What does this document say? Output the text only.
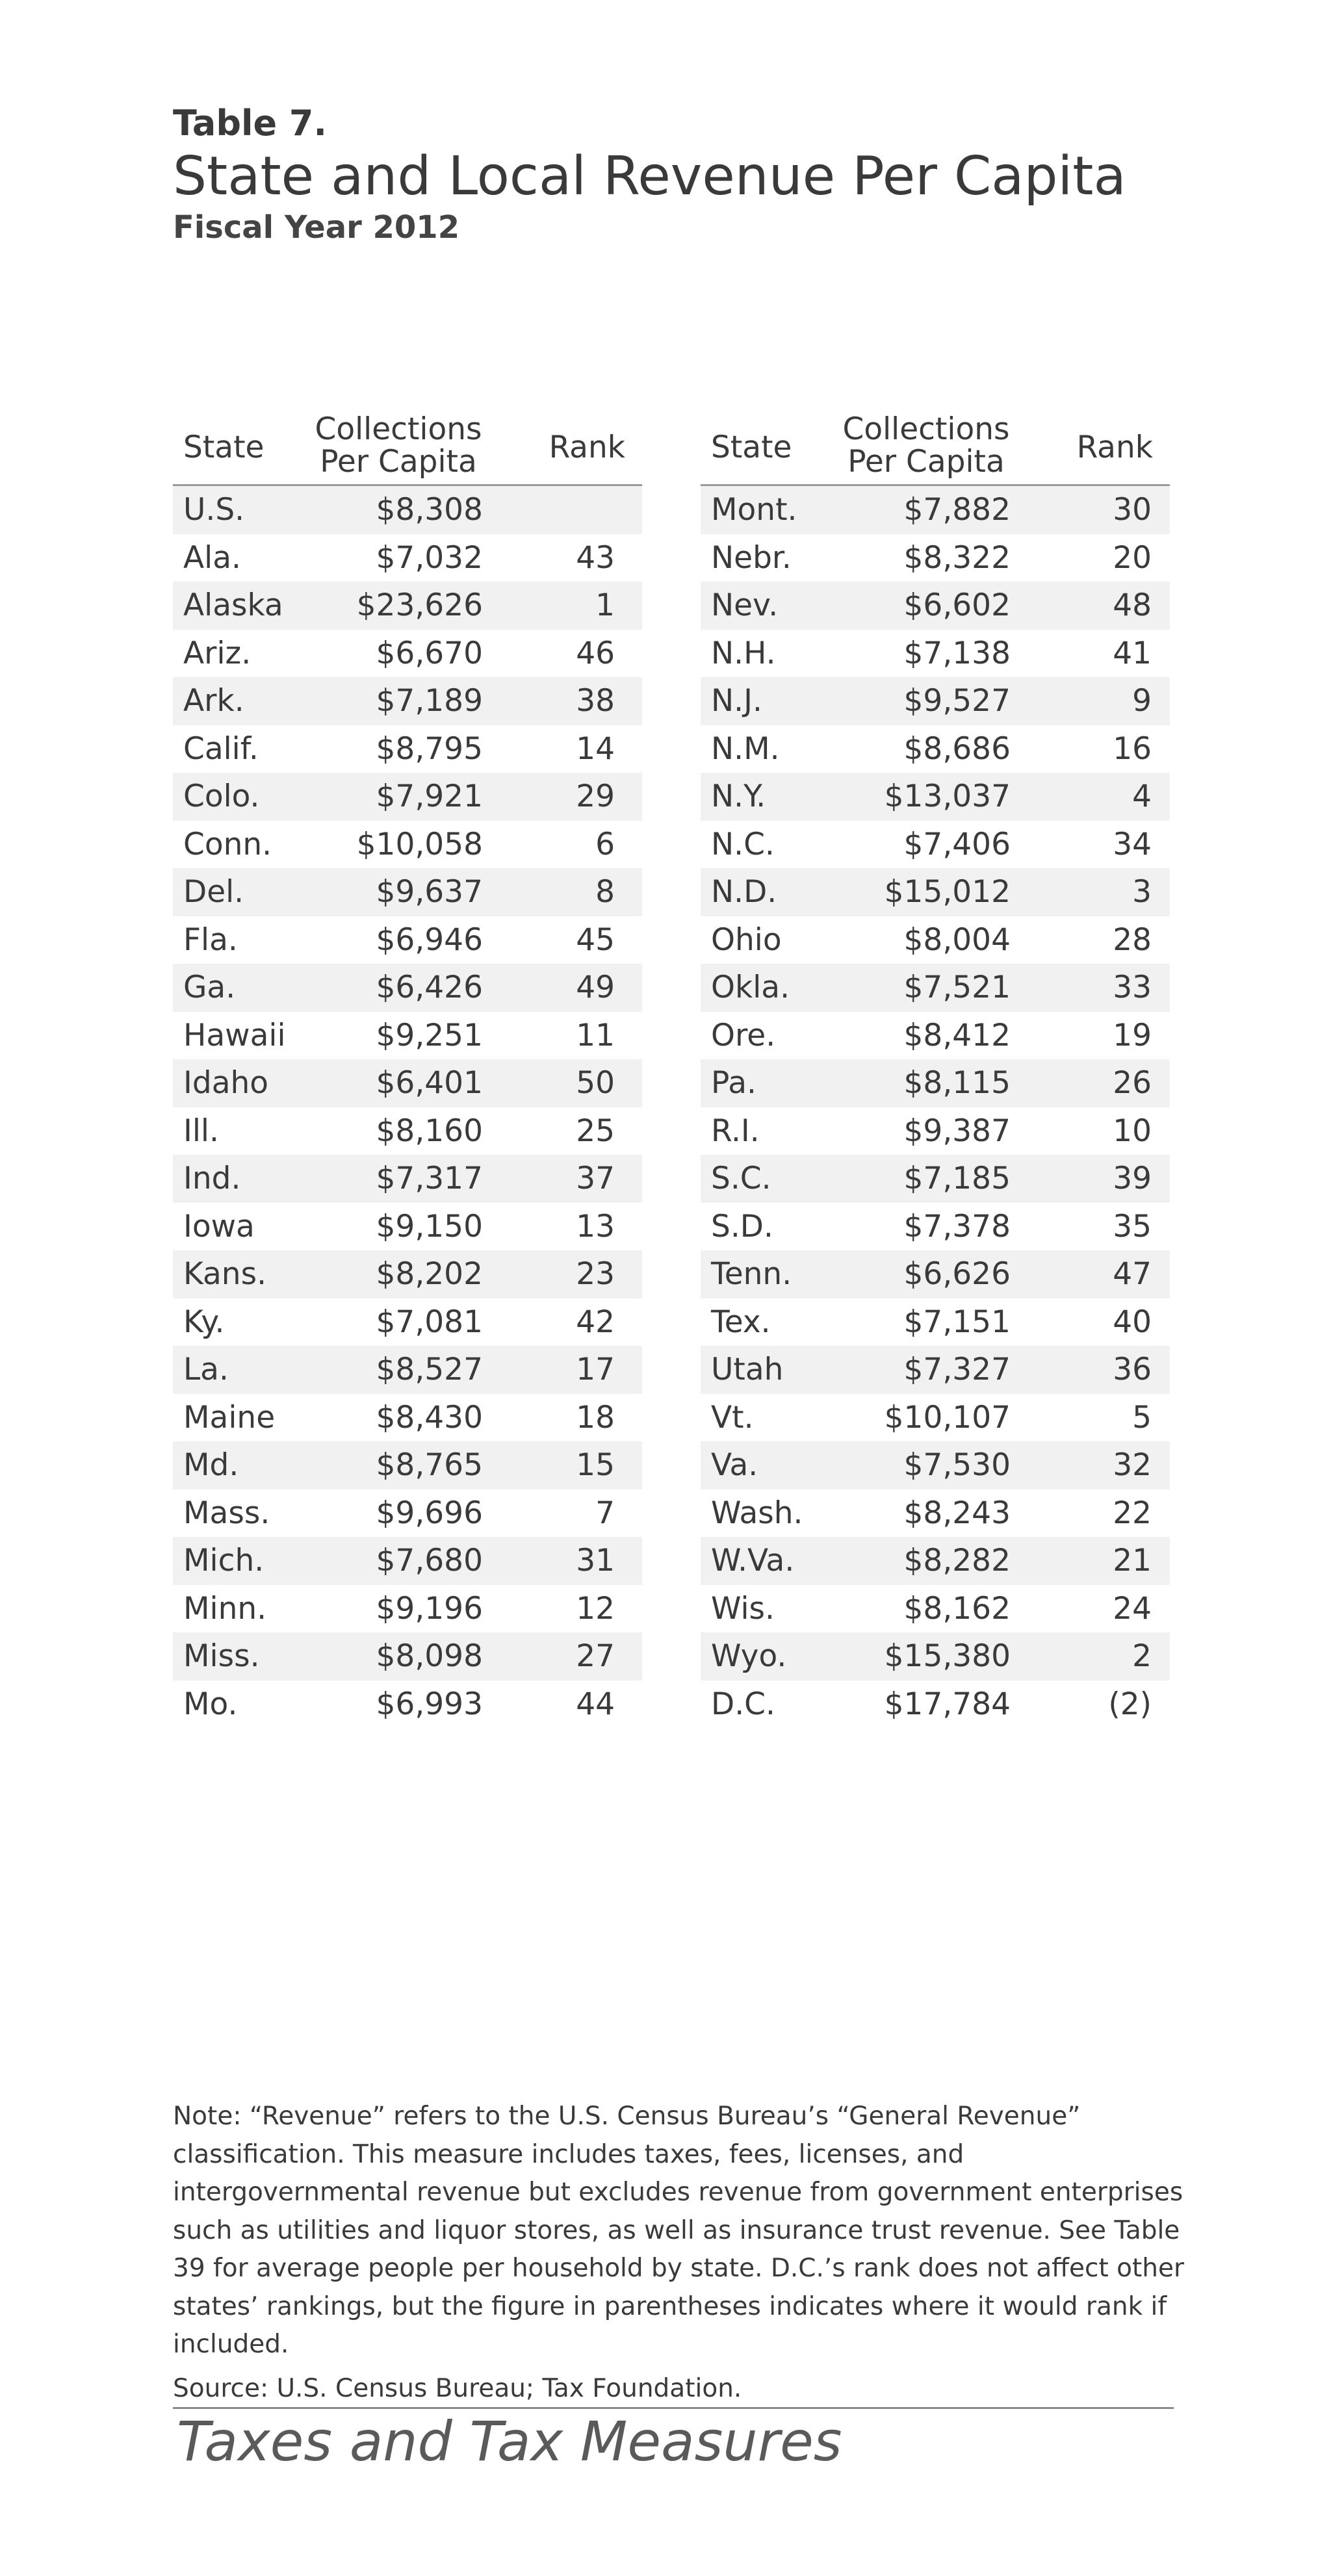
Table 7.
State and Local Revenue Per Capita
Fiscal Year 2012
State
Collections
Per Capita	Rank
U.S.	$8,308
Ala.	$7,032	43
Alaska $23,626	1
Ariz.	$6,670	46
Ark.	$7,189	38
Calif.	$8,795	14
Colo.	$7,921	29
Conn.	$10,058	6
Del.	$9,637	8
Fla.	$6,946	45
Ga.	$6,426	49
Hawaii	$9,251	11
Idaho	$6,401	50
Ill.	$8,160	25
Ind.	$7,317	37
Iowa	$9,150	13
Kans.	$8,202	23
Ky.	$7,081	42
La.	$8,527	17
Maine	$8,430	18
Md.	$8,765	15
Mass.	$9,696	7
Mich.	$7,680	31
Minn.	$9,196	12
Miss.	$8,098	27
Mo.	$6,993	44
State
Collections
Per Capita	Rank
Mont.	$7,882	30
Nebr.	$8,322	20
Nev.	$6,602	48
N.H.	$7,138	41
N.J.	$9,527	9
N.M.	$8,686	16
N.Y.	$13,037	4
N.C.	$7,406	34
N.D.	$15,012	3
Ohio	$8,004	28
Okla.	$7,521	33
Ore.	$8,412	19
Pa.	$8,115	26
R.I.	$9,387	10
S.C.	$7,185	39
S.D.	$7,378	35
Tenn.	$6,626	47
Tex.	$7,151	40
Utah	$7,327	36
Vt.	$10,107	5
Va.	$7,530	32
Wash.	$8,243	22
W.Va.	$8,282	21
Wis.	$8,162	24
Wyo.	$15,380	2
D.C.	$17,784	(2)
Note: “Revenue” refers to the U.S. Census Bureau’s “General Revenue” classification. This measure includes taxes, fees, licenses, and intergovernmental revenue but excludes revenue from government enterprises such as utilities and liquor stores, as well as insurance trust revenue. See Table 39 for average people per household by state. D.C.’s rank does not affect other states’ rankings, but the figure in parentheses indicates where it would rank if included.
Source: U.S. Census Bureau; Tax Foundation.
Taxes and Tax Measures
